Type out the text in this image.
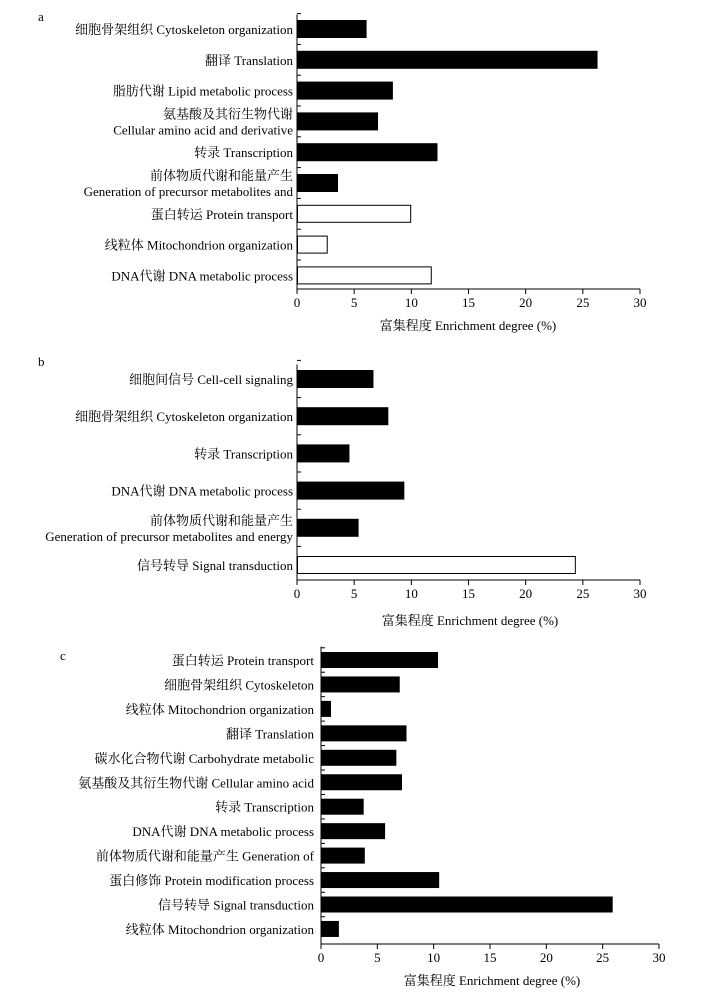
a
0	5	10	15	20	25	30
富集程度 Enrichment degree (%)
细胞骨架组织 Cytoskeleton organization
翻译 Translation
脂肪代谢 Lipid metabolic process
氨基酸及其衍生物代谢
Cellular amino acid and derivative
转录 Transcription
前体物质代谢和能量产生
Generation of precursor metabolites and
蛋白转运 Protein transport
线粒体 Mitochondrion organization
DNA代谢 DNA metabolic process
b
0	5	10	15	20	25	30
富集程度 Enrichment degree (%)
细胞间信号 Cell-cell signaling
细胞骨架组织 Cytoskeleton organization
转录 Transcription
DNA代谢 DNA metabolic process
前体物质代谢和能量产生
Generation of precursor metabolites and energy
信号转导 Signal transduction
c
0	5	10	15	20	25	30
富集程度 Enrichment degree (%)
蛋白转运 Protein transport
细胞骨架组织 Cytoskeleton
线粒体 Mitochondrion organization
翻译 Translation
碳水化合物代谢 Carbohydrate metabolic
氨基酸及其衍生物代谢 Cellular amino acid
转录 Transcription
DNA代谢 DNA metabolic process
前体物质代谢和能量产生 Generation of
蛋白修饰 Protein modification process
信号转导 Signal transduction
线粒体 Mitochondrion organization
